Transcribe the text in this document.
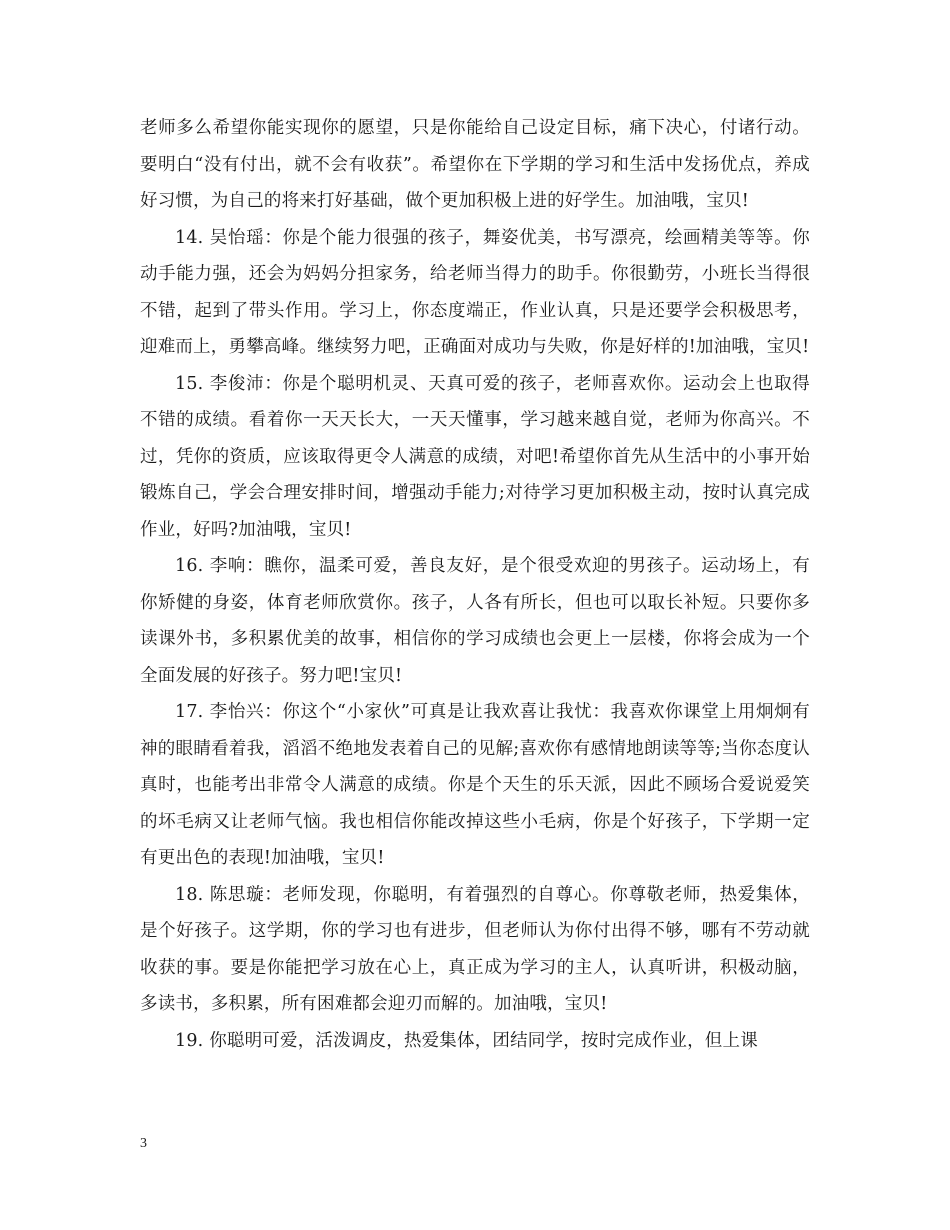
老师多么希望你能实现你的愿望，只是你能给自己设定目标，痛下决心，付诸行动。要明白“没有付出，就不会有收获”。希望你在下学期的学习和生活中发扬优点，养成好习惯，为自己的将来打好基础，做个更加积极上进的好学生。加油哦，宝贝!

14. 吴怡瑶：你是个能力很强的孩子，舞姿优美，书写漂亮，绘画精美等等。你动手能力强，还会为妈妈分担家务，给老师当得力的助手。你很勤劳，小班长当得很不错，起到了带头作用。学习上，你态度端正，作业认真，只是还要学会积极思考，迎难而上，勇攀高峰。继续努力吧，正确面对成功与失败，你是好样的!加油哦，宝贝!

15. 李俊沛：你是个聪明机灵、天真可爱的孩子，老师喜欢你。运动会上也取得不错的成绩。看着你一天天长大，一天天懂事，学习越来越自觉，老师为你高兴。不过，凭你的资质，应该取得更令人满意的成绩，对吧!希望你首先从生活中的小事开始锻炼自己，学会合理安排时间，增强动手能力;对待学习更加积极主动，按时认真完成作业，好吗?加油哦，宝贝!

16. 李响：瞧你，温柔可爱，善良友好，是个很受欢迎的男孩子。运动场上，有你矫健的身姿，体育老师欣赏你。孩子，人各有所长，但也可以取长补短。只要你多读课外书，多积累优美的故事，相信你的学习成绩也会更上一层楼，你将会成为一个全面发展的好孩子。努力吧!宝贝!

17. 李怡兴：你这个“小家伙”可真是让我欢喜让我忧：我喜欢你课堂上用炯炯有神的眼睛看着我，滔滔不绝地发表着自己的见解;喜欢你有感情地朗读等等;当你态度认真时，也能考出非常令人满意的成绩。你是个天生的乐天派，因此不顾场合爱说爱笑的坏毛病又让老师气恼。我也相信你能改掉这些小毛病，你是个好孩子，下学期一定有更出色的表现!加油哦，宝贝!

18. 陈思璇：老师发现，你聪明，有着强烈的自尊心。你尊敬老师，热爱集体，是个好孩子。这学期，你的学习也有进步，但老师认为你付出得不够，哪有不劳动就收获的事。要是你能把学习放在心上，真正成为学习的主人，认真听讲，积极动脑，多读书，多积累，所有困难都会迎刃而解的。加油哦，宝贝!

19. 你聪明可爱，活泼调皮，热爱集体，团结同学，按时完成作业，但上课

3
